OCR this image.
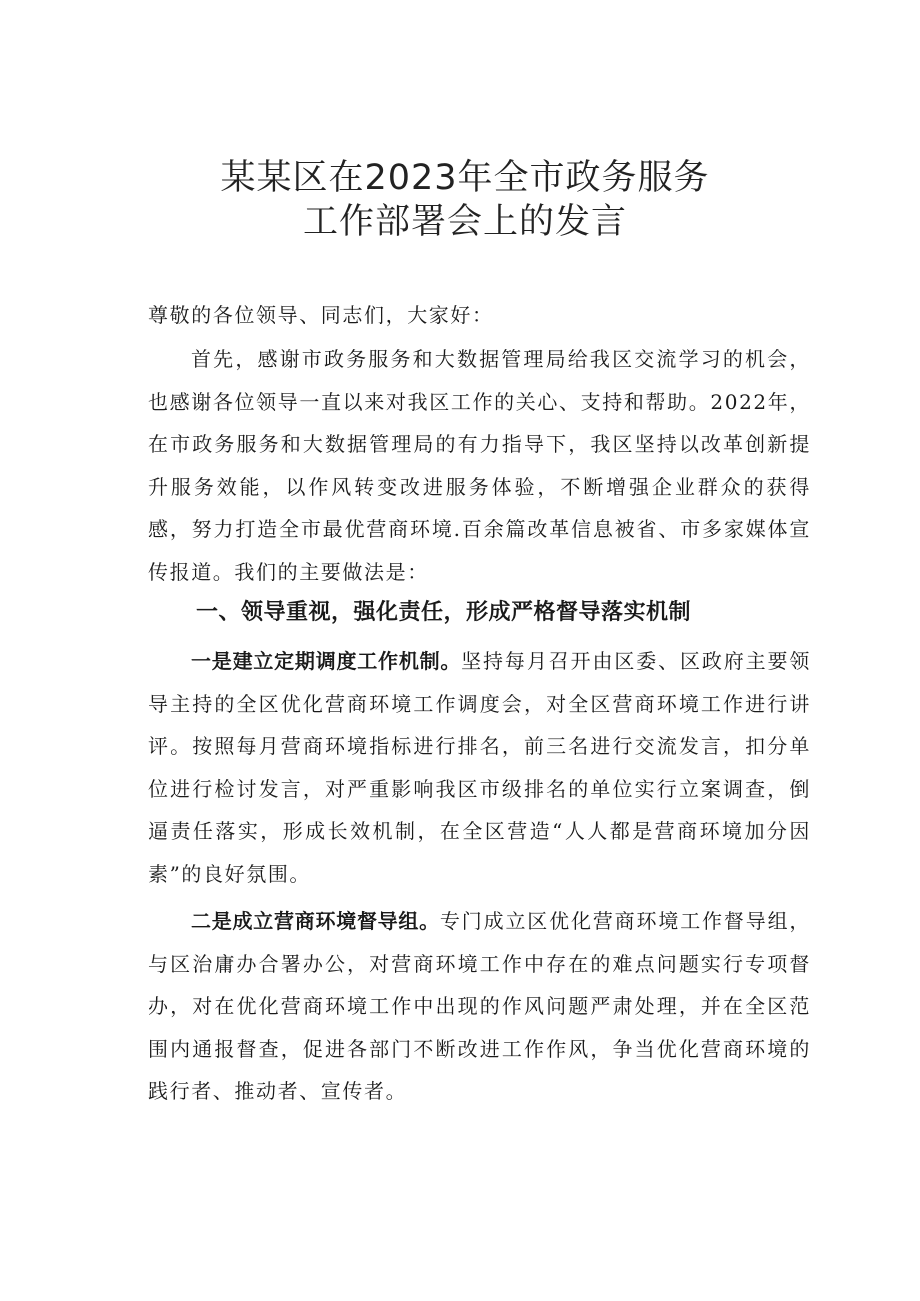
某某区在2023年全市政务服务
工作部署会上的发言

尊敬的各位领导、同志们，大家好：

首先，感谢市政务服务和大数据管理局给我区交流学习的机会，也感谢各位领导一直以来对我区工作的关心、支持和帮助。2022年，在市政务服务和大数据管理局的有力指导下，我区坚持以改革创新提升服务效能，以作风转变改进服务体验，不断增强企业群众的获得感，努力打造全市最优营商环境.百余篇改革信息被省、市多家媒体宣传报道。我们的主要做法是：

一、领导重视，强化责任，形成严格督导落实机制

一是建立定期调度工作机制。坚持每月召开由区委、区政府主要领导主持的全区优化营商环境工作调度会，对全区营商环境工作进行讲评。按照每月营商环境指标进行排名，前三名进行交流发言，扣分单位进行检讨发言，对严重影响我区市级排名的单位实行立案调查，倒逼责任落实，形成长效机制，在全区营造“人人都是营商环境加分因素”的良好氛围。

二是成立营商环境督导组。专门成立区优化营商环境工作督导组，与区治庸办合署办公，对营商环境工作中存在的难点问题实行专项督办，对在优化营商环境工作中出现的作风问题严肃处理，并在全区范围内通报督查，促进各部门不断改进工作作风，争当优化营商环境的践行者、推动者、宣传者。
